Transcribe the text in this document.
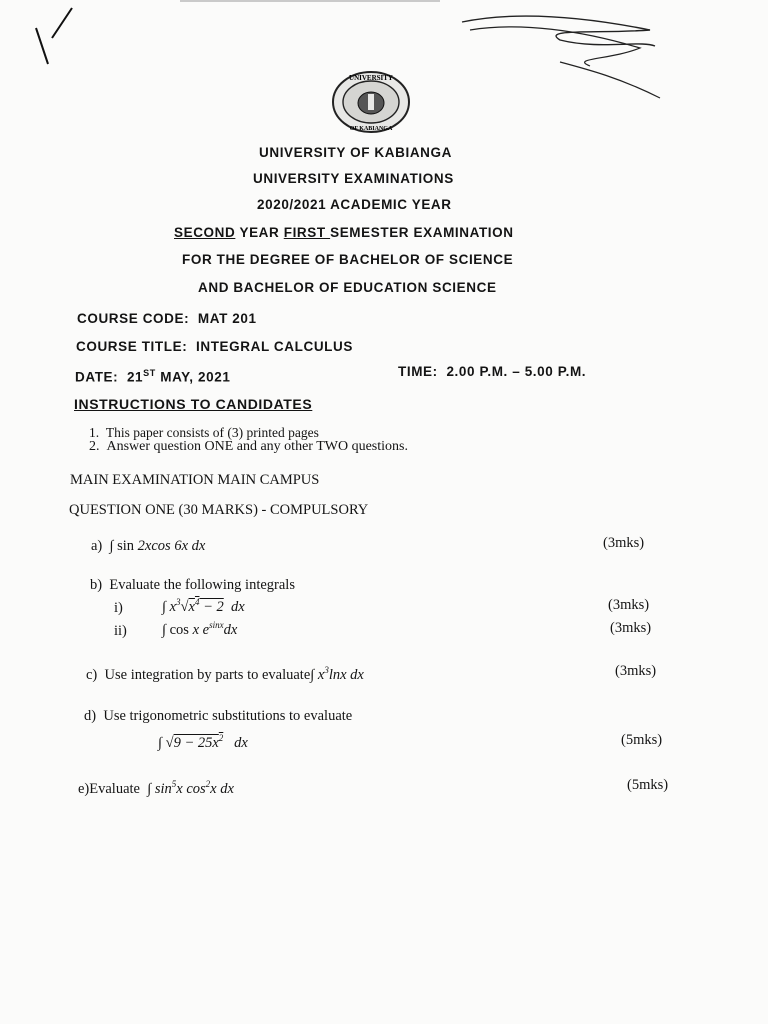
UNIVERSITY
OF KABIANGA
UNIVERSITY OF KABIANGA
UNIVERSITY EXAMINATIONS
2020/2021 ACADEMIC YEAR
SECOND YEAR FIRST SEMESTER EXAMINATION
FOR THE DEGREE OF BACHELOR OF SCIENCE
AND BACHELOR OF EDUCATION SCIENCE
COURSE CODE: MAT 201
COURSE TITLE: INTEGRAL CALCULUS
DATE: 21ST MAY, 2021	TIME: 2.00 P.M. – 5.00 P.M.
INSTRUCTIONS TO CANDIDATES
1. This paper consists of (3) printed pages
2. Answer question ONE and any other TWO questions.
MAIN EXAMINATION MAIN CAMPUS
QUESTION ONE (30 MARKS) - COMPULSORY
a) ∫ sin 2xcos 6x dx	(3mks)
b) Evaluate the following integrals
i)	∫ $x^3√x^4 - 2$  dx	(3mks)
ii) ∫ cos x $e^{sinx}dx$	(3mks)
c) Use integration by parts to evaluate∫ $x^3\ln x$ dx	(3mks)
d) Use trigonometric substitutions to evaluate
∫ $√9 - 25x^2$   dx	(5mks)
e)Evaluate ∫ $\sin^5x$ $\cos^2x$ dx	(5mks)
